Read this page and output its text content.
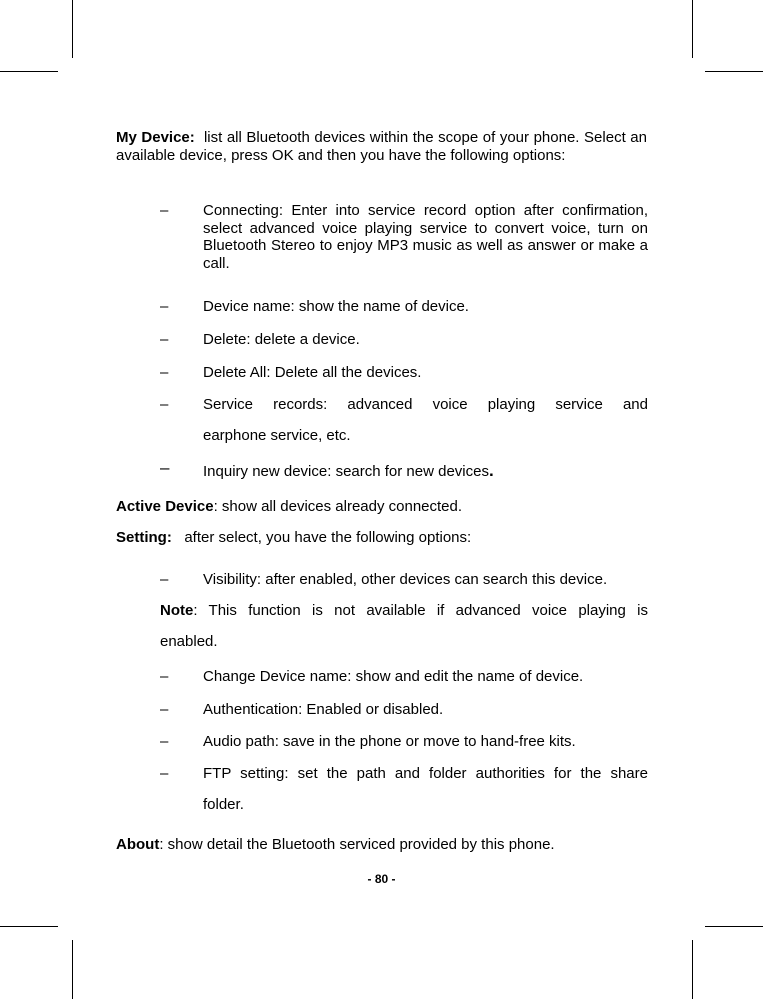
My Device: list all Bluetooth devices within the scope of your phone. Select an available device, press OK and then you have the following options:

–	Connecting: Enter into service record option after confirmation, select advanced voice playing service to convert voice, turn on Bluetooth Stereo to enjoy MP3 music as well as answer or make a call.
–	Device name: show the name of device.
–	Delete: delete a device.
–	Delete All: Delete all the devices.
–	Service records: advanced voice playing service and
earphone service, etc.
–	Inquiry new device: search for new devices.

Active Device: show all devices already connected.

Setting: after select, you have the following options:

–	Visibility: after enabled, other devices can search this device.

Note: This function is not available if advanced voice playing is

enabled.

–	Change Device name: show and edit the name of device.
–	Authentication: Enabled or disabled.
–	Audio path: save in the phone or move to hand-free kits.
–	FTP setting: set the path and folder authorities for the share
folder.

About: show detail the Bluetooth serviced provided by this phone.

- 80 -
